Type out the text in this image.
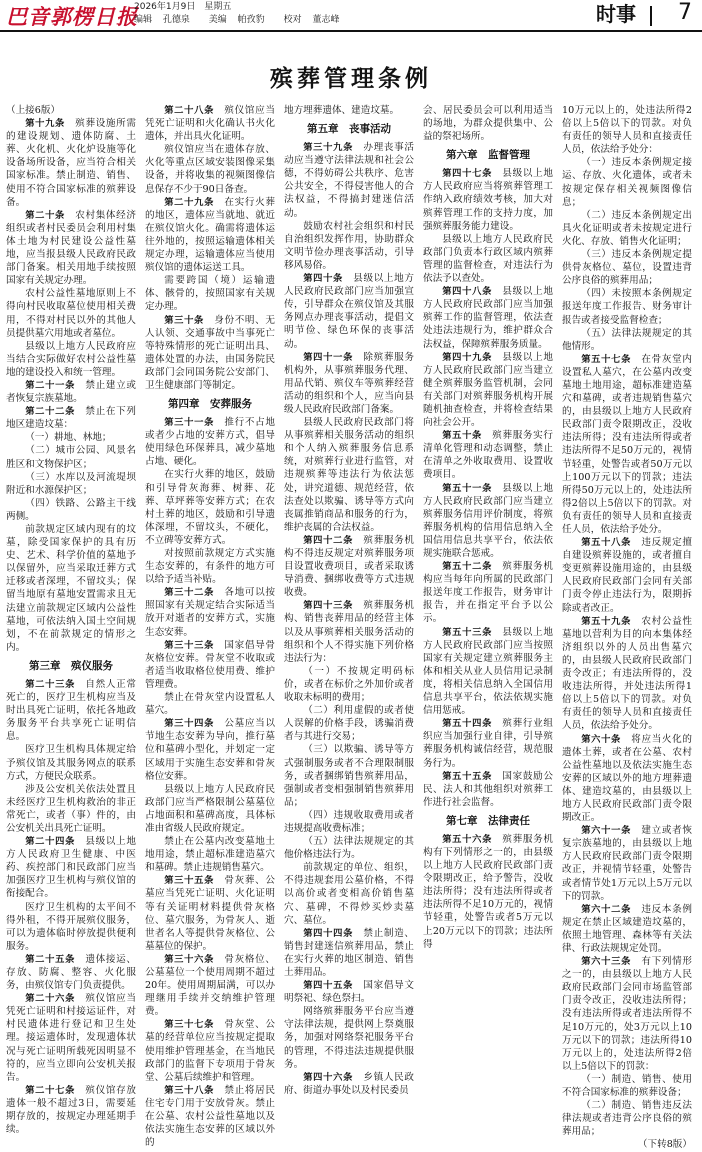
巴音郭楞日报
2026年1月9日　星期五
编辑 孔德泉 美编 帕孜豹 校对 董志峰	时事 7
殡葬管理条例

（上接6版）

第十九条　 殡葬设施所需的建设规划、遗体防腐、土葬、火化机、火化炉设施等化设备场所设备，应当符合相关国家标准。禁止制造、销售、使用不符合国家标准的殡葬设备。

第二十条　 农村集体经济组织或者村民委员会利用村集体土地为村民建设公益性墓地，应当报县级人民政府民政部门备案。相关用地手续按照国家有关规定办理。

农村公益性墓地原则上不得向村民收取墓位使用相关费用，不得对村民以外的其他人员提供墓穴用地或者墓位。

县级以上地方人民政府应当结合实际做好农村公益性墓地的建设投入和统一管理。

第二十一条　 禁止建立或者恢复宗族墓地。

第二十二条　 禁止在下列地区建造坟墓：

（一）耕地、林地；

（二）城市公园、风景名胜区和文物保护区；

（三）水库以及河流堤坝附近和水源保护区；

（四）铁路、公路主干线两侧。

前款规定区域内现有的坟墓，除受国家保护的具有历史、艺术、科学价值的墓地予以保留外，应当采取迁葬方式迁移或者深埋，不留坟头；保留当地原有墓地安置需求且无法建立前款规定区域内公益性墓地，可依法纳入国土空间规划，不在前款规定的情形之内。

第三章　殡仪服务

第二十三条　 自然人正常死亡的，医疗卫生机构应当及时出具死亡证明，依托各地政务服务平台共享死亡证明信息。

医疗卫生机构具体规定给予殡仪馆及其服务网点的联系方式，方便民众联系。

涉及公安机关依法处置且未经医疗卫生机构救治的非正常死亡，或者（事）件的，由公安机关出具死亡证明。

第二十四条　 县级以上地方人民政府卫生健康、中医药、疾控部门和民政部门应当加强医疗卫生机构与殡仪馆的衔接配合。

医疗卫生机构的太平间不得外租，不得开展殡仪服务，可以为遗体临时停放提供便利服务。

第二十五条　 遗体接运、存放、防腐、整容、火化服务，由殡仪馆专门负责提供。

第二十六条　 殡仪馆应当凭死亡证明和村接运证件，对村民遗体进行登记和卫生处理。接运遗体时，发现遗体状况与死亡证明所载死因明显不符的，应当立即向公安机关报告。

第二十七条　 殡仪馆存放遗体一般不超过3日，需要延期存放的，按规定办理延期手续。

第二十八条　 殡仪馆应当凭死亡证明和火化确认书火化遗体，并出具火化证明。

殡仪馆应当在遗体存放、火化等重点区域安装图像采集设备，并将收集的视频图像信息保存不少于90日备查。

第二十九条　 在实行火葬的地区，遗体应当就地、就近在殡仪馆火化。确需将遗体运往外地的，按照运输遗体相关规定办理，运输遗体应当使用殡仪馆的遗体运送工具。

需要跨国（境）运输遗体、骸骨的，按照国家有关规定办理。

第三十条　 身份不明、无人认领、交通事故中当事死亡等特殊情形的死亡证明出具、遗体处置的办法，由国务院民政部门会同国务院公安部门、卫生健康部门等制定。

第四章　安葬服务

第三十一条　 推行不占地或者少占地的安葬方式，倡导使用绿色环保葬具，减少墓地占地、硬化。

在实行火葬的地区，鼓励和引导骨灰海葬、树葬、花葬、草坪葬等安葬方式；在农村土葬的地区，鼓励和引导遗体深埋，不留坟头，不硬化，不立碑等安葬方式。

对按照前款规定方式实施生态安葬的，有条件的地方可以给予适当补贴。

第三十二条　 各地可以按照国家有关规定结合实际适当放开对逝者的安葬方式，实施生态安葬。

第三十三条　 国家倡导骨灰格位安葬。骨灰堂不收取或者适当收取格位使用费、维护管理费。

禁止在骨灰堂内设置私人墓穴。

第三十四条　 公墓应当以节地生态安葬为导向，推行墓位和墓碑小型化，并划定一定区域用于实施生态安葬和骨灰格位安葬。

县级以上地方人民政府民政部门应当严格限制公墓墓位占地面积和墓碑高度，具体标准由省级人民政府规定。

禁止在公墓内改变墓地土地用途，禁止超标准建造墓穴和墓碑。禁止违规销售墓穴。

第三十五条　 骨灰葬、公墓应当凭死亡证明、火化证明等有关证明材料提供骨灰格位、墓穴服务，为骨灰人、逝世者名人等提供骨灰格位、公墓墓位的保护。

第三十六条　 骨灰格位、公墓墓位一个使用周期不超过20年。使用周期届满，可以办理继用手续并交纳维护管理费。

第三十七条　 骨灰堂、公墓的经营单位应当按规定提取使用维护管理基金，在当地民政部门的监督下专项用于骨灰堂、公墓后续维护和管理。

第三十八条　 禁止将居民住宅专门用于安放骨灰。禁止在公墓、农村公益性墓地以及依法实施生态安葬的区域以外的

地方埋葬遗体、建造坟墓。

第五章　丧事活动

第三十九条　 办理丧事活动应当遵守法律法规和社会公德，不得妨碍公共秩序、危害公共安全，不得侵害他人的合法权益，不得搞封建迷信活动。

鼓励农村社会组织和村民自治组织发挥作用，协助群众文明节俭办理丧事活动，引导移风易俗。

第四十条　 县级以上地方人民政府民政部门应当加强宣传，引导群众在殡仪馆及其服务网点办理丧事活动，提倡文明节俭、绿色环保的丧事活动。

第四十一条　 除殡葬服务机构外，从事殡葬服务代理、用品代销、殡仪车等殡葬经营活动的组织和个人，应当向县级人民政府民政部门备案。

县级人民政府民政部门将从事殡葬相关服务活动的组织和个人纳入殡葬服务信息系统，对殡葬行业进行监管，对违规殡葬等违法行为依法惩处，讲究道德、规范经营，依法查处以欺骗、诱导等方式向丧属推销商品和服务的行为，维护丧属的合法权益。

第四十二条　 殡葬服务机构不得违反规定对殡葬服务项目设置收费项目，或者采取诱导消费、捆绑收费等方式违规收费。

第四十三条　 殡葬服务机构、销售丧葬用品的经营主体以及从事殡葬相关服务活动的组织和个人不得实施下列价格违法行为：

（一）不按规定明码标价，或者在标价之外加价或者收取未标明的费用；

（二）利用虚假的或者使人误解的价格手段，诱骗消费者与其进行交易；

（三）以欺骗、诱导等方式强制服务或者不合理限制服务，或者捆绑销售殡葬用品，强制或者变相强制销售殡葬用品；

（四）违规收取费用或者违规提高收费标准；

（五）法律法规规定的其他价格违法行为。

前款规定的单位、组织，不得违规套用公墓价格，不得以高价或者变相高价销售墓穴、墓碑，不得炒买炒卖墓穴、墓位。

第四十四条　 禁止制造、销售封建迷信殡葬用品，禁止在实行火葬的地区制造、销售土葬用品。

第四十五条　 国家倡导文明祭祀、绿色祭扫。

网络殡葬服务平台应当遵守法律法规，提供网上祭奠服务，加强对网络祭祀服务平台的管理，不得违法违规提供服务。

第四十六条　 乡镇人民政府、街道办事处以及村民委员

会、居民委员会可以利用适当的场地，为群众提供集中、公益的祭祀场所。

第六章　监督管理

第四十七条　 县级以上地方人民政府应当将殡葬管理工作纳入政府绩效考核，加大对殡葬管理工作的支持力度，加强殡葬服务能力建设。

县级以上地方人民政府民政部门负责本行政区域内殡葬管理的监督检查，对违法行为依法予以查处。

第四十八条　 县级以上地方人民政府民政部门应当加强殡葬工作的监督管理，依法查处违法违规行为，维护群众合法权益，保障殡葬服务质量。

第四十九条　 县级以上地方人民政府民政部门应当建立健全殡葬服务监管机制，会同有关部门对殡葬服务机构开展随机抽查检查，并将检查结果向社会公开。

第五十条　 殡葬服务实行清单化管理和动态调整，禁止在清单之外收取费用、设置收费项目。

第五十一条　 县级以上地方人民政府民政部门应当建立殡葬服务信用评价制度，将殡葬服务机构的信用信息纳入全国信用信息共享平台，依法依规实施联合惩戒。

第五十二条　 殡葬服务机构应当每年向所属的民政部门报送年度工作报告，财务审计报告，并在指定平台予以公示。

第五十三条　 县级以上地方人民政府民政部门应当按照国家有关规定建立殡葬服务主体和相关从业人员信用记录制度，将相关信息纳入全国信用信息共享平台，依法依规实施信用惩戒。

第五十四条　 殡葬行业组织应当加强行业自律，引导殡葬服务机构诚信经营，规范服务行为。

第五十五条　 国家鼓励公民、法人和其他组织对殡葬工作进行社会监督。

第七章　法律责任

第五十六条　 殡葬服务机构有下列情形之一的，由县级以上地方人民政府民政部门责令限期改正，给予警告，没收违法所得；没有违法所得或者违法所得不足10万元的，视情节轻重，处警告或者5万元以上20万元以下的罚款；违法所得

10万元以上的，处违法所得2倍以上5倍以下的罚款。对负有责任的领导人员和直接责任人员，依法给予处分：

（一）违反本条例规定接运、存放、火化遗体，或者未按规定保存相关视频图像信息；

（二）违反本条例规定出具火化证明或者未按规定进行火化、存放、销售火化证明；

（三）违反本条例规定提供骨灰格位、墓位，设置违背公序良俗的殡葬用品；

（四）未按照本条例规定报送年度工作报告、财务审计报告或者接受监督检查；

（五）法律法规规定的其他情形。

第五十七条　 在骨灰堂内设置私人墓穴，在公墓内改变墓地土地用途，超标准建造墓穴和墓碑，或者违规销售墓穴的，由县级以上地方人民政府民政部门责令限期改正，没收违法所得；没有违法所得或者违法所得不足50万元的，视情节轻重，处警告或者50万元以上100万元以下的罚款；违法所得50万元以上的，处违法所得2倍以上5倍以下的罚款。对负有责任的领导人员和直接责任人员，依法给予处分。

第五十八条　 违反规定擅自建设殡葬设施的，或者擅自变更殡葬设施用途的，由县级人民政府民政部门会同有关部门责令停止违法行为，限期拆除或者改正。

第五十九条　 农村公益性墓地以营利为目的向本集体经济组织以外的人员出售墓穴的，由县级人民政府民政部门责令改正；有违法所得的，没收违法所得，并处违法所得1倍以上5倍以下的罚款。对负有责任的领导人员和直接责任人员，依法给予处分。

第六十条　 将应当火化的遗体土葬，或者在公墓、农村公益性墓地以及依法实施生态安葬的区域以外的地方埋葬遗体、建造坟墓的，由县级以上地方人民政府民政部门责令限期改正。

第六十一条　 建立或者恢复宗族墓地的，由县级以上地方人民政府民政部门责令限期改正，并视情节轻重，处警告或者情节处1万元以上5万元以下的罚款。

第六十二条　 违反本条例规定在禁止区域建造坟墓的，依照土地管理、森林等有关法律、行政法规规定处罚。

第六十三条　 有下列情形之一的，由县级以上地方人民政府民政部门会同市场监管部门责令改正，没收违法所得；没有违法所得或者违法所得不足10万元的，处3万元以上10万元以下的罚款；违法所得10万元以上的，处违法所得2倍以上5倍以下的罚款：

（一）制造、销售、使用不符合国家标准的殡葬设备；

（二）制造、销售违反法律法规或者违背公序良俗的殡葬用品；

（下转8版）
